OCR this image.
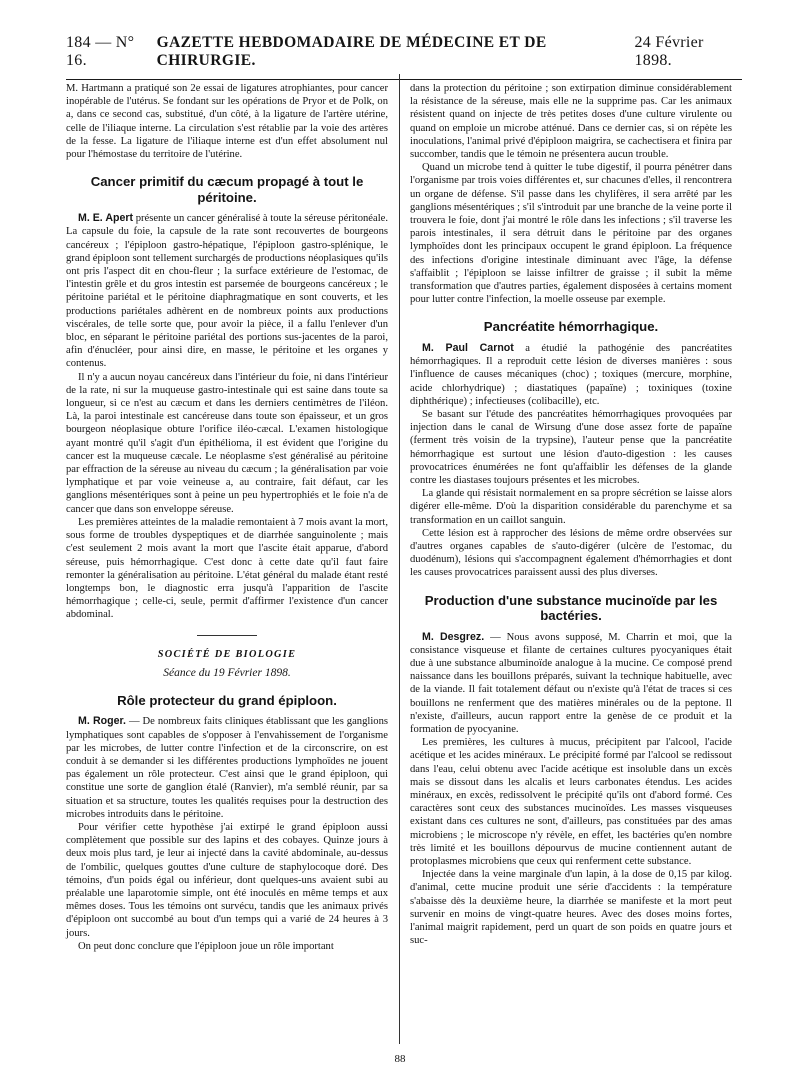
184 — N° 16.
GAZETTE HEBDOMADAIRE DE MÉDECINE ET DE CHIRURGIE.
24 Février 1898.

M. Hartmann a pratiqué son 2e essai de ligatures atrophiantes, pour cancer inopérable de l'utérus. Se fondant sur les opérations de Pryor et de Polk, on a, dans ce second cas, substitué, d'un côté, à la ligature de l'artère utérine, celle de l'iliaque interne. La circulation s'est rétablie par la voie des artères de la fesse. La ligature de l'iliaque interne est d'un effet absolument nul pour l'hémostase du territoire de l'utérine.

Cancer primitif du cæcum propagé à tout le péritoine.

M. E. Apert présente un cancer généralisé à toute la séreuse péritonéale. La capsule du foie, la capsule de la rate sont recouvertes de bourgeons cancéreux ; l'épiploon gastro-hépatique, l'épiploon gastro-splénique, le grand épiploon sont tellement surchargés de productions néoplasiques qu'ils ont pris l'aspect dit en chou-fleur ; la surface extérieure de l'estomac, de l'intestin grêle et du gros intestin est parsemée de bourgeons cancéreux ; le péritoine pariétal et le péritoine diaphragmatique en sont couverts, et les productions pariétales adhèrent en de nombreux points aux productions viscérales, de telle sorte que, pour avoir la pièce, il a fallu l'enlever d'un bloc, en séparant le péritoine pariétal des portions sus-jacentes de la paroi, afin d'énucléer, pour ainsi dire, en masse, le péritoine et les organes y contenus.

Il n'y a aucun noyau cancéreux dans l'intérieur du foie, ni dans l'intérieur de la rate, ni sur la muqueuse gastro-intestinale qui est saine dans toute sa longueur, si ce n'est au cæcum et dans les derniers centimètres de l'iléon. Là, la paroi intestinale est cancéreuse dans toute son épaisseur, et un gros bourgeon néoplasique obture l'orifice iléo-cæcal. L'examen histologique ayant montré qu'il s'agit d'un épithélioma, il est évident que l'origine du cancer est la muqueuse cæcale. Le néoplasme s'est généralisé au péritoine par effraction de la séreuse au niveau du cæcum ; la généralisation par voie lymphatique et par voie veineuse a, au contraire, fait défaut, car les ganglions mésentériques sont à peine un peu hypertrophiés et le foie n'a de cancer que dans son enveloppe séreuse.

Les premières atteintes de la maladie remontaient à 7 mois avant la mort, sous forme de troubles dyspeptiques et de diarrhée sanguinolente ; mais c'est seulement 2 mois avant la mort que l'ascite était apparue, d'abord séreuse, puis hémorrhagique. C'est donc à cette date qu'il faut faire remonter la généralisation au péritoine. L'état général du malade étant resté longtemps bon, le diagnostic erra jusqu'à l'apparition de l'ascite hémorrhagique ; celle-ci, seule, permit d'affirmer l'existence d'un cancer abdominal.

SOCIÉTÉ DE BIOLOGIE
Séance du 19 Février 1898.
Rôle protecteur du grand épiploon.

M. Roger. — De nombreux faits cliniques établissant que les ganglions lymphatiques sont capables de s'opposer à l'envahissement de l'organisme par les microbes, de lutter contre l'infection et de la circonscrire, on est conduit à se demander si les différentes productions lymphoïdes ne jouent pas également un rôle protecteur. C'est ainsi que le grand épiploon, qui constitue une sorte de ganglion étalé (Ranvier), m'a semblé réunir, par sa situation et sa structure, toutes les qualités requises pour la destruction des microbes introduits dans le péritoine.

Pour vérifier cette hypothèse j'ai extirpé le grand épiploon aussi complètement que possible sur des lapins et des cobayes. Quinze jours à deux mois plus tard, je leur ai injecté dans la cavité abdominale, au-dessus de l'ombilic, quelques gouttes d'une culture de staphylocoque doré. Des témoins, d'un poids égal ou inférieur, dont quelques-uns avaient subi au préalable une laparotomie simple, ont été inoculés en même temps et aux mêmes doses. Tous les témoins ont survécu, tandis que les animaux privés d'épiploon ont succombé au bout d'un temps qui a varié de 24 heures à 3 jours.

On peut donc conclure que l'épiploon joue un rôle important

dans la protection du péritoine ; son extirpation diminue considérablement la résistance de la séreuse, mais elle ne la supprime pas. Car les animaux résistent quand on injecte de très petites doses d'une culture virulente ou quand on emploie un microbe atténué. Dans ce dernier cas, si on répète les inoculations, l'animal privé d'épiploon maigrira, se cachectisera et finira par succomber, tandis que le témoin ne présentera aucun trouble.

Quand un microbe tend à quitter le tube digestif, il pourra pénétrer dans l'organisme par trois voies différentes et, sur chacunes d'elles, il rencontrera un organe de défense. S'il passe dans les chylifères, il sera arrêté par les ganglions mésentériques ; s'il s'introduit par une branche de la veine porte il trouvera le foie, dont j'ai montré le rôle dans les infections ; s'il traverse les parois intestinales, il sera détruit dans le péritoine par des organes lymphoïdes dont les principaux occupent le grand épiploon. La fréquence des infections d'origine intestinale diminuant avec l'âge, la défense s'affaiblit ; l'épiploon se laisse infiltrer de graisse ; il subit la même transformation que d'autres parties, également disposées à certains moment pour lutter contre l'infection, la moelle osseuse par exemple.

Pancréatite hémorrhagique.

M. Paul Carnot a étudié la pathogénie des pancréatites hémorrhagiques. Il a reproduit cette lésion de diverses manières : sous l'influence de causes mécaniques (choc) ; toxiques (mercure, morphine, acide chlorhydrique) ; diastatiques (papaïne) ; toxiniques (toxine diphthérique) ; infectieuses (colibacille), etc.

Se basant sur l'étude des pancréatites hémorrhagiques provoquées par injection dans le canal de Wirsung d'une dose assez forte de papaïne (ferment très voisin de la trypsine), l'auteur pense que la pancréatite hémorrhagique est surtout une lésion d'auto-digestion : les causes provocatrices énumérées ne font qu'affaiblir les défenses de la glande contre les diastases toujours présentes et les microbes.

La glande qui résistait normalement en sa propre sécrétion se laisse alors digérer elle-même. D'où la disparition considérable du parenchyme et sa transformation en un caillot sanguin.

Cette lésion est à rapprocher des lésions de même ordre observées sur d'autres organes capables de s'auto-digérer (ulcère de l'estomac, du duodénum), lésions qui s'accompagnent également d'hémorrhagies et dont les causes provocatrices paraissent aussi des plus diverses.

Production d'une substance mucinoïde par les bactéries.

M. Desgrez. — Nous avons supposé, M. Charrin et moi, que la consistance visqueuse et filante de certaines cultures pyocyaniques était due à une substance albuminoïde analogue à la mucine. Ce composé prend naissance dans les bouillons préparés, suivant la technique habituelle, avec de la viande. Il fait totalement défaut ou n'existe qu'à l'état de traces si ces bouillons ne renferment que des matières minérales ou de la peptone. Il n'existe, d'ailleurs, aucun rapport entre la genèse de ce produit et la formation de pyocyanine.

Les premières, les cultures à mucus, précipitent par l'alcool, l'acide acétique et les acides minéraux. Le précipité formé par l'alcool se redissout dans l'eau, celui obtenu avec l'acide acétique est insoluble dans un excès mais se dissout dans les alcalis et leurs carbonates étendus. Les acides minéraux, en excès, redissolvent le précipité qu'ils ont d'abord formé. Ces caractères sont ceux des substances mucinoïdes. Les masses visqueuses existant dans ces cultures ne sont, d'ailleurs, pas constituées par des amas microbiens ; le microscope n'y révèle, en effet, les bactéries qu'en nombre très limité et les bouillons dépourvus de mucine contiennent autant de protoplasmes microbiens que ceux qui renferment cette substance.

Injectée dans la veine marginale d'un lapin, à la dose de 0,15 par kilog. d'animal, cette mucine produit une série d'accidents : la température s'abaisse dès la deuxième heure, la diarrhée se manifeste et la mort peut survenir en moins de vingt-quatre heures. Avec des doses moins fortes, l'animal maigrit rapidement, perd un quart de son poids en quatre jours et suc-

88
